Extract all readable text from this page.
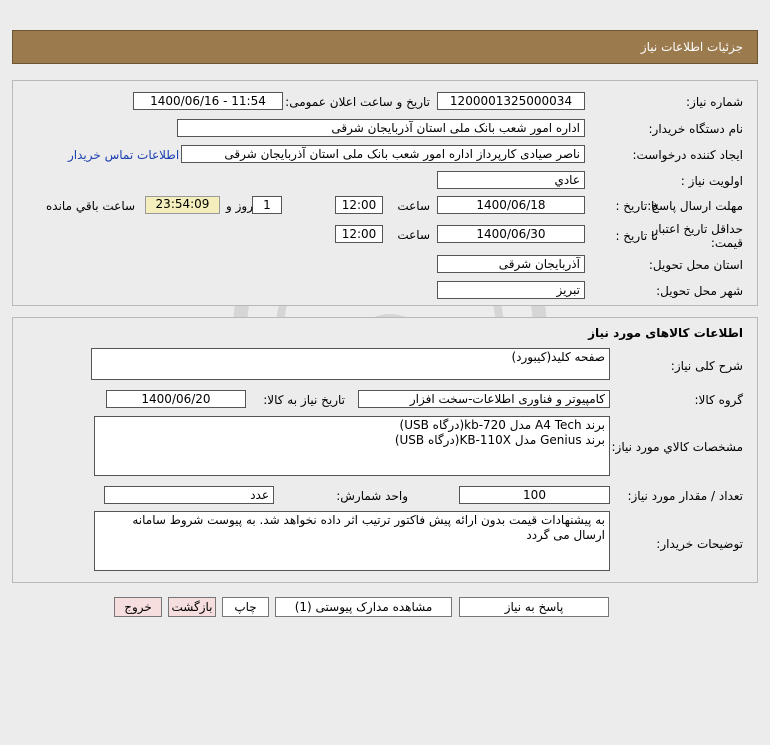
جزئیات اطلاعات نیاز
شماره نیاز:
1200001325000034
تاریخ و ساعت اعلان عمومی:
1400/06/16 - 11:54
نام دستگاه خریدار:
اداره امور شعب بانک ملی استان آذربایجان شرقی
ایجاد کننده درخواست:
ناصر صیادی کارپرداز اداره امور شعب بانک ملی استان آذربایجان شرقی
اطلاعات تماس خریدار
اولویت نیاز :
عادي
مهلت ارسال پاسخ:
تا تاریخ :
1400/06/18
ساعت
12:00
1
روز و
23:54:09
ساعت باقي مانده
حداقل تاریخ اعتبار
قیمت:
تا تاریخ :
1400/06/30
ساعت
12:00
استان محل تحویل:
آذربایجان شرقی
شهر محل تحویل:
تبریز
اطلاعات کالاهای مورد نیاز
شرح کلی نیاز:
صفحه کلید(کیبورد)
گروه کالا:
کامپیوتر و فناوری اطلاعات-سخت افزار
تاریخ نیاز به کالا:
1400/06/20
مشخصات کالاي مورد نیاز:
برند A4 Tech مدل kb-720(درگاه USB)
برند Genius مدل KB-110X(درگاه USB)
تعداد / مقدار مورد نیاز:
100
واحد شمارش:
عدد
توضیحات خریدار:
به پیشنهادات قیمت بدون ارائه پیش فاکتور ترتیب اثر داده نخواهد شد. به پیوست شروط سامانه ارسال می گردد
پاسخ به نیاز
مشاهده مدارک پیوستی (1)
چاپ
بازگشت
خروج
